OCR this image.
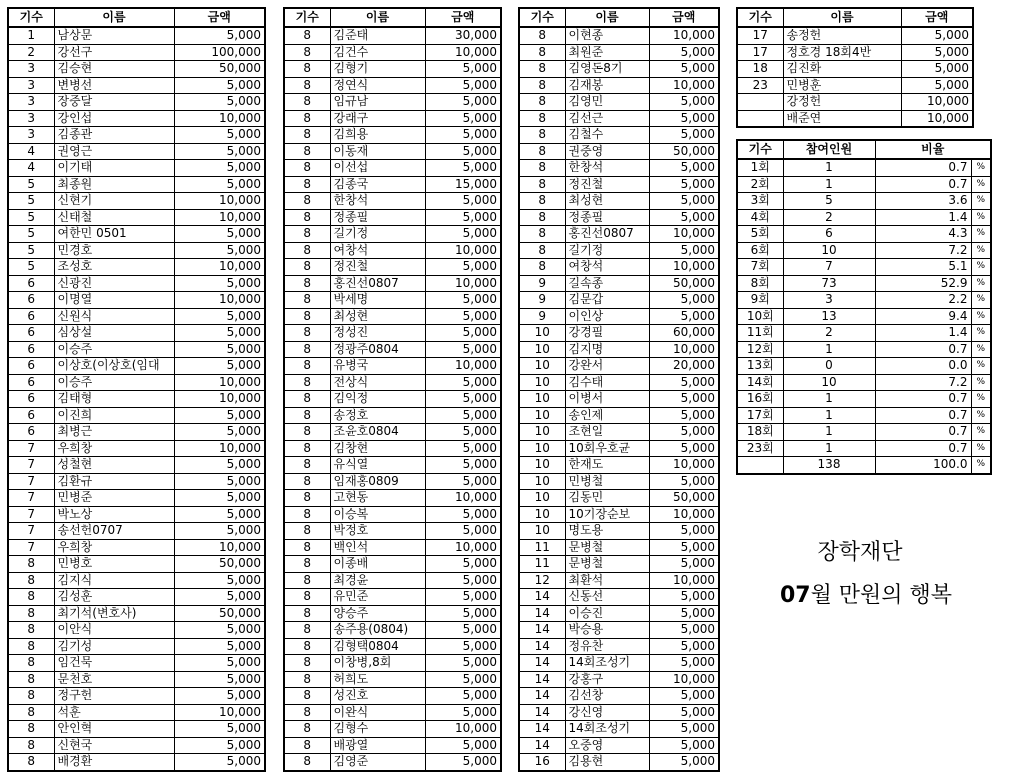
기수	이름	금액
1	남상문	5,000
2	강선구	100,000
3	김승현	50,000
3	변병선	5,000
3	장중달	5,000
3	강인섭	10,000
3	김종관	5,000
4	권영근	5,000
4	이기태	5,000
5	최종원	5,000
5	신현기	10,000
5	신태철	10,000
5	여한민 0501	5,000
5	민경호	5,000
5	조성호	10,000
6	신광진	5,000
6	이명열	10,000
6	신원식	5,000
6	심상설	5,000
6	이승주	5,000
6	이상호(이상호(임대	5,000
6	이승주	10,000
6	김태형	10,000
6	이진희	5,000
6	최병근	5,000
7	우희창	10,000
7	성철현	5,000
7	김환규	5,000
7	민병준	5,000
7	박노상	5,000
7	송선헌0707	5,000
7	우희창	10,000
8	민병호	50,000
8	김지식	5,000
8	김성훈	5,000
8	최기석(변호사)	50,000
8	이안식	5,000
8	김기성	5,000
8	임건묵	5,000
8	문천호	5,000
8	정구헌	5,000
8	석훈	10,000
8	안인혁	5,000
8	신현국	5,000
8	배경환	5,000
기수	이름	금액
8	김준태	30,000
8	김건수	10,000
8	김형기	5,000
8	정연식	5,000
8	임규남	5,000
8	강래구	5,000
8	김희용	5,000
8	이동재	5,000
8	이선섭	5,000
8	김종국	15,000
8	한창석	5,000
8	정종필	5,000
8	길기정	5,000
8	여창석	10,000
8	정진철	5,000
8	홍진선0807	10,000
8	박세명	5,000
8	최성현	5,000
8	정성진	5,000
8	정광주0804	5,000
8	유병국	10,000
8	전상식	5,000
8	김익정	5,000
8	송정호	5,000
8	조윤호0804	5,000
8	김창현	5,000
8	유식열	5,000
8	임재홍0809	5,000
8	고현동	10,000
8	이승복	5,000
8	박정호	5,000
8	백인석	10,000
8	이종배	5,000
8	최경윤	5,000
8	유민준	5,000
8	양승주	5,000
8	송주용(0804)	5,000
8	김형택0804	5,000
8	이창병,8회	5,000
8	허희도	5,000
8	성진호	5,000
8	이완식	5,000
8	김형수	10,000
8	배광열	5,000
8	김영준	5,000
기수	이름	금액
8	이현종	10,000
8	최원준	5,000
8	김영돈8기	5,000
8	김재봉	10,000
8	김영민	5,000
8	김선근	5,000
8	김철수	5,000
8	권중영	50,000
8	한창석	5,000
8	정진철	5,000
8	최성현	5,000
8	정종필	5,000
8	홍진선0807	10,000
8	길기정	5,000
8	여창석	10,000
9	길속종	50,000
9	김문갑	5,000
9	이인상	5,000
10	강경필	60,000
10	김지명	10,000
10	강완서	20,000
10	김수태	5,000
10	이병서	5,000
10	송인제	5,000
10	조현일	5,000
10	10회우호균	5,000
10	한재도	10,000
10	민병철	5,000
10	김동민	50,000
10	10기장순보	10,000
10	명도용	5,000
11	문병철	5,000
11	문병철	5,000
12	최환석	10,000
14	신동선	5,000
14	이승진	5,000
14	박승용	5,000
14	정유찬	5,000
14	14회조성기	5,000
14	강홍구	10,000
14	김선창	5,000
14	강신영	5,000
14	14회조성기	5,000
14	오중영	5,000
16	김용현	5,000
기수	이름	금액
17	송정헌	5,000
17	정호경 18회4반	5,000
18	김진화	5,000
23	민병훈	5,000
	강정헌	10,000
	배준연	10,000
기수	참여인원	비율	
1회	1	0.7	%
2회	1	0.7	%
3회	5	3.6	%
4회	2	1.4	%
5회	6	4.3	%
6회	10	7.2	%
7회	7	5.1	%
8회	73	52.9	%
9회	3	2.2	%
10회	13	9.4	%
11회	2	1.4	%
12회	1	0.7	%
13회	0	0.0	%
14회	10	7.2	%
16회	1	0.7	%
17회	1	0.7	%
18회	1	0.7	%
23회	1	0.7	%
	138	100.0	%
장학재단
07월 만원의 행복
